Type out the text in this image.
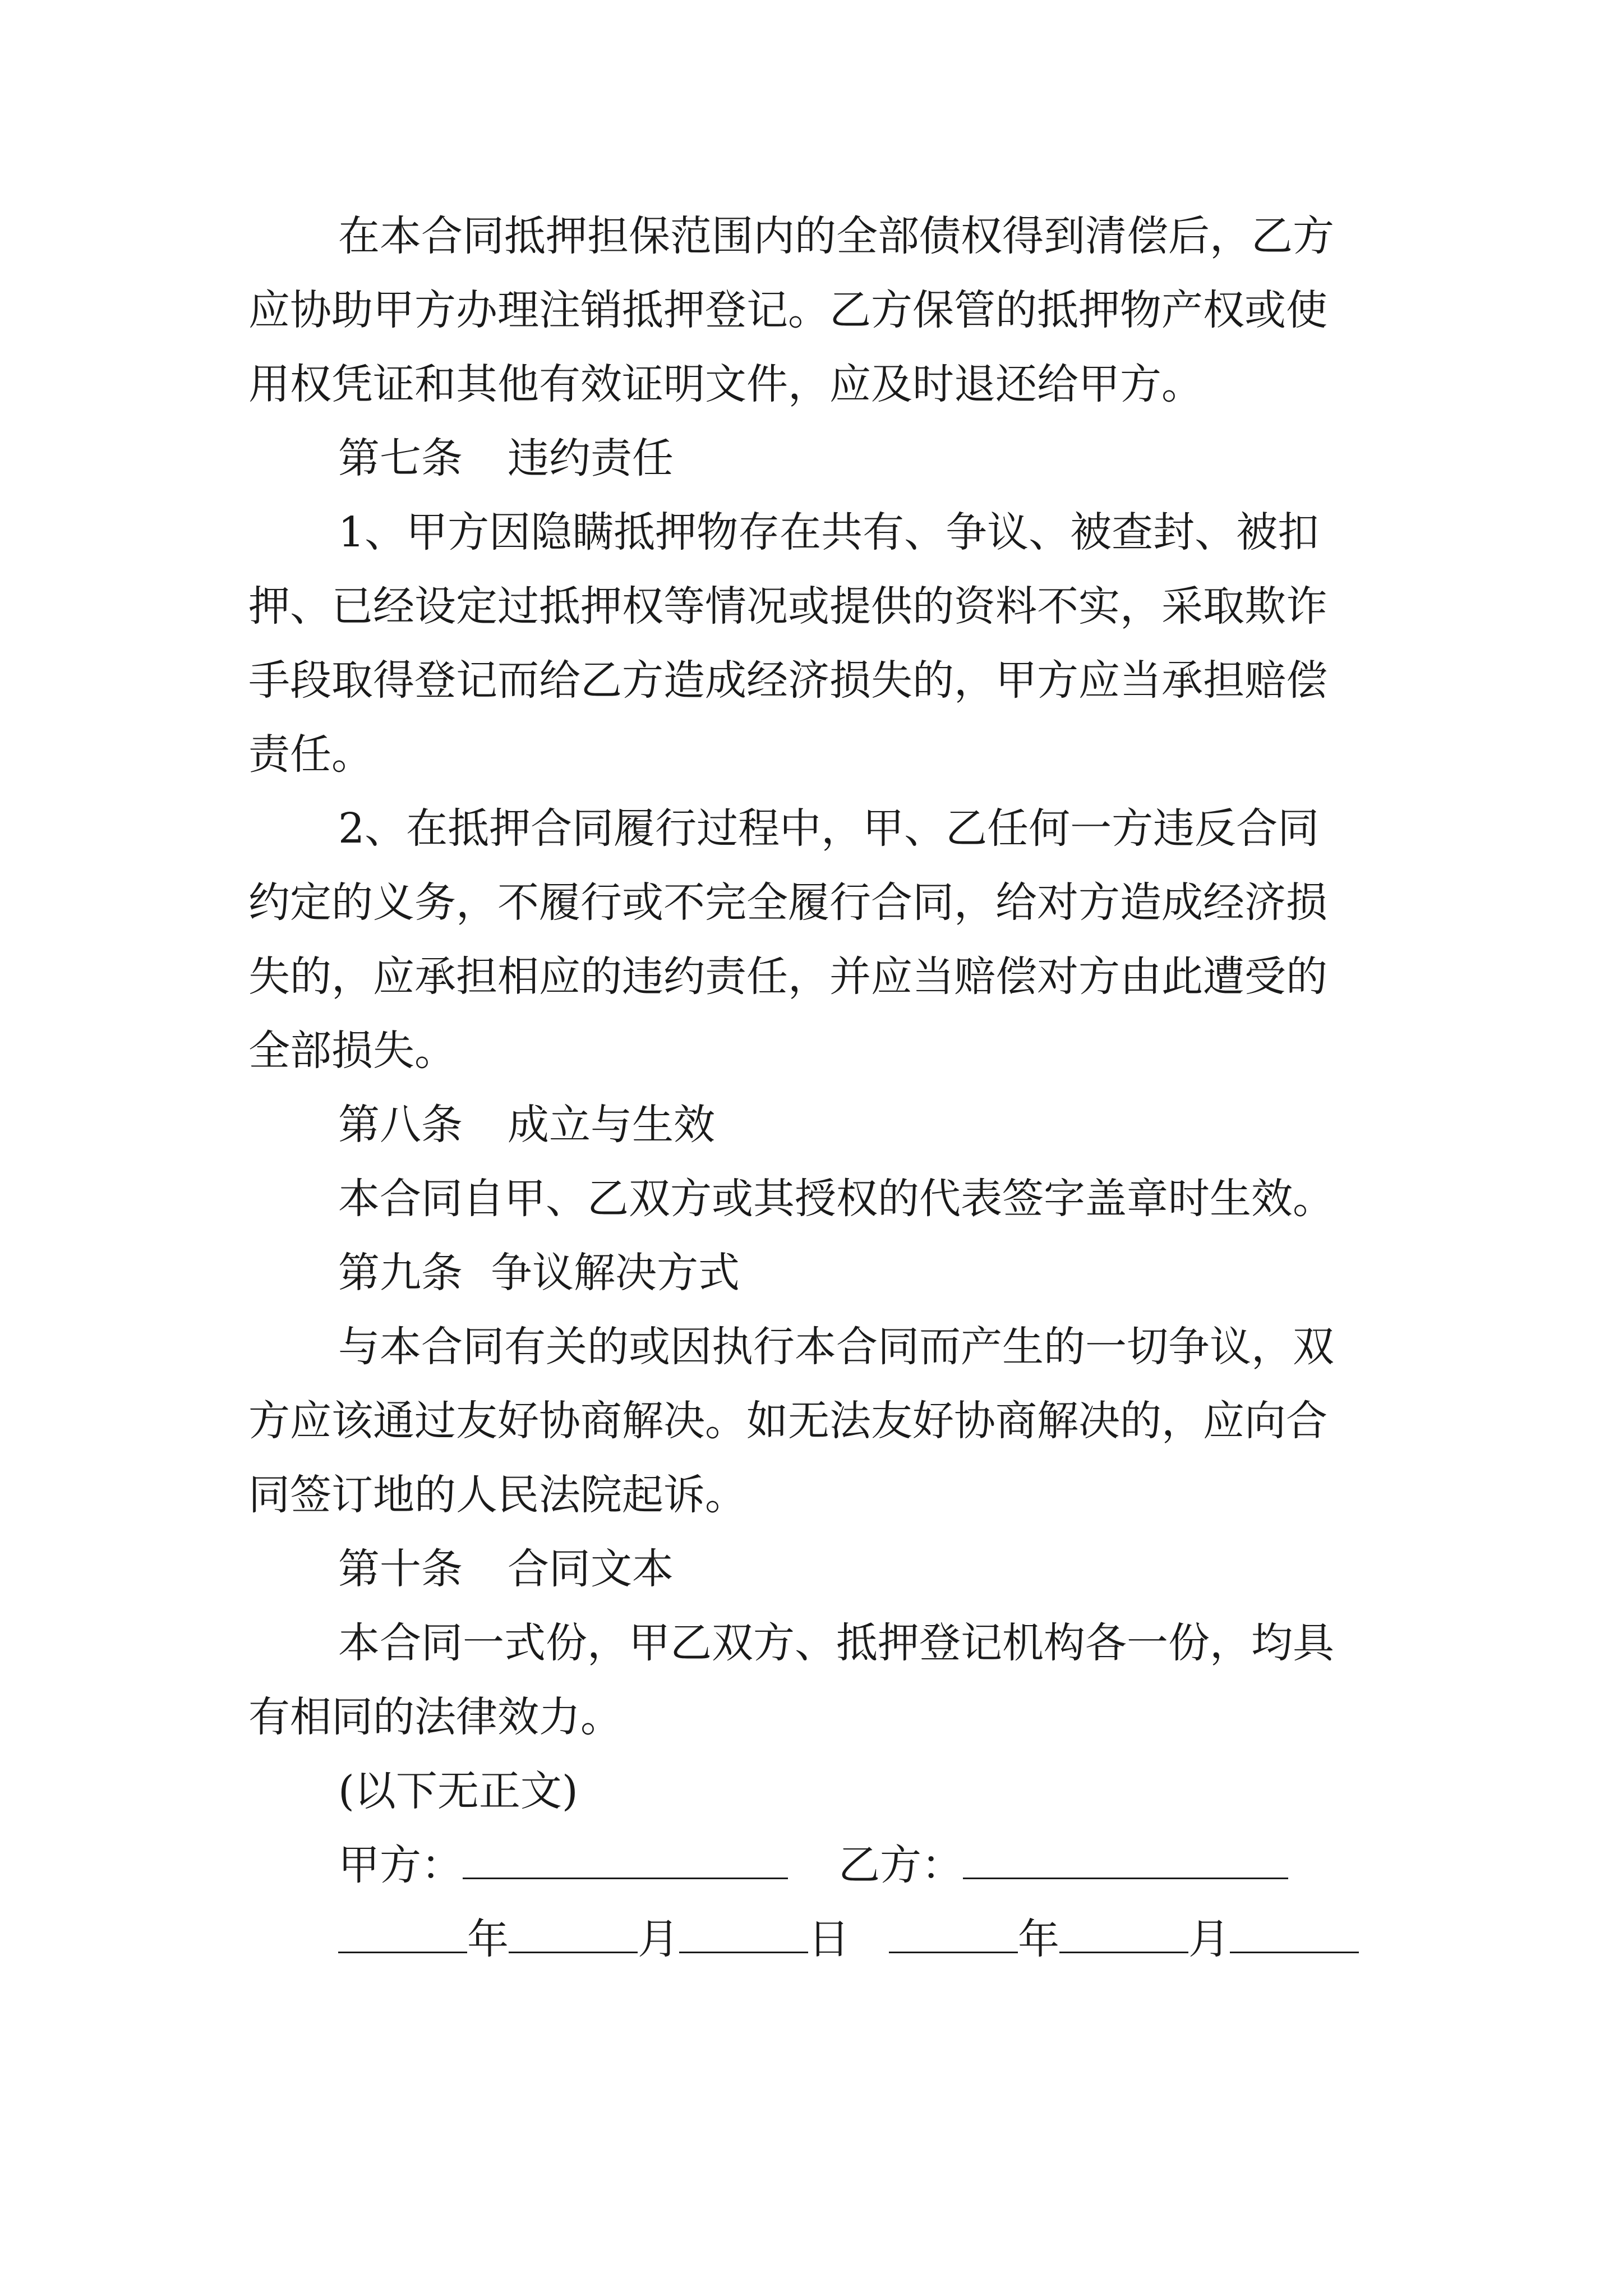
在本合同抵押担保范围内的全部债权得到清偿后，乙方
应协助甲方办理注销抵押登记。乙方保管的抵押物产权或使
用权凭证和其他有效证明文件，应及时退还给甲方。
第七条 违约责任
1、甲方因隐瞒抵押物存在共有、争议、被查封、被扣
押、已经设定过抵押权等情况或提供的资料不实，采取欺诈
手段取得登记而给乙方造成经济损失的，甲方应当承担赔偿
责任。
2、在抵押合同履行过程中，甲、乙任何一方违反合同
约定的义务，不履行或不完全履行合同，给对方造成经济损
失的，应承担相应的违约责任，并应当赔偿对方由此遭受的
全部损失。
第八条 成立与生效
本合同自甲、乙双方或其授权的代表签字盖章时生效。
第九条 争议解决方式
与本合同有关的或因执行本合同而产生的一切争议，双
方应该通过友好协商解决。如无法友好协商解决的，应向合
同签订地的人民法院起诉。
第十条 合同文本
本合同一式份，甲乙双方、抵押登记机构各一份，均具
有相同的法律效力。
(以下无正文)
甲方：	乙方：
年	月	日	年	月
